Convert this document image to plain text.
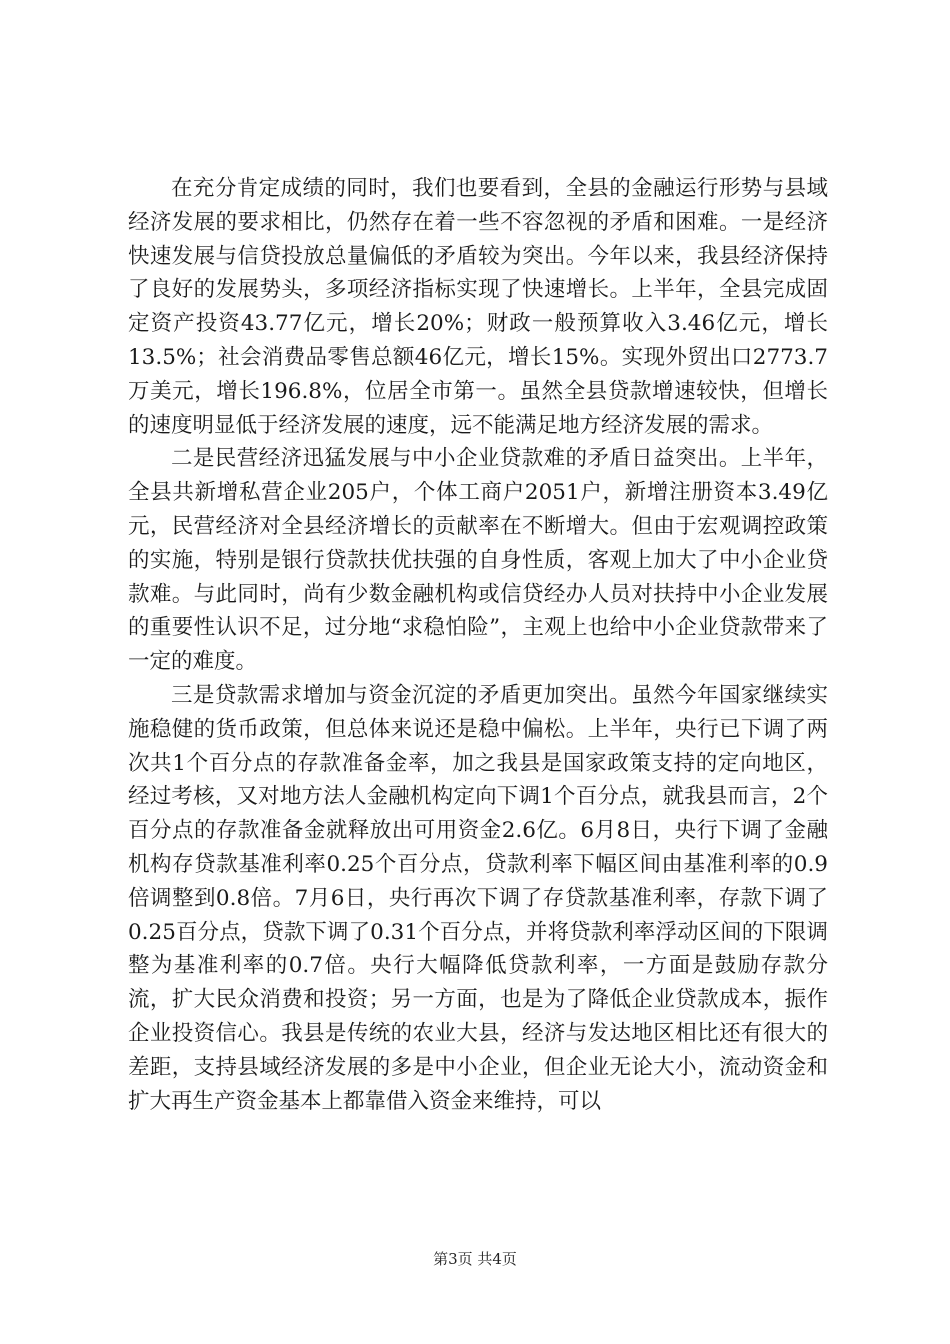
在充分肯定成绩的同时，我们也要看到，全县的金融运行形势与县域经济发展的要求相比，仍然存在着一些不容忽视的矛盾和困难。一是经济快速发展与信贷投放总量偏低的矛盾较为突出。今年以来，我县经济保持了良好的发展势头，多项经济指标实现了快速增长。上半年，全县完成固定资产投资43.77亿元，增长20%；财政一般预算收入3.46亿元，增长13.5%；社会消费品零售总额46亿元，增长15%。实现外贸出口2773.7万美元，增长196.8%，位居全市第一。虽然全县贷款增速较快，但增长的速度明显低于经济发展的速度，远不能满足地方经济发展的需求。

二是民营经济迅猛发展与中小企业贷款难的矛盾日益突出。上半年，全县共新增私营企业205户，个体工商户2051户，新增注册资本3.49亿元，民营经济对全县经济增长的贡献率在不断增大。但由于宏观调控政策的实施，特别是银行贷款扶优扶强的自身性质，客观上加大了中小企业贷款难。与此同时，尚有少数金融机构或信贷经办人员对扶持中小企业发展的重要性认识不足，过分地“求稳怕险”，主观上也给中小企业贷款带来了一定的难度。

三是贷款需求增加与资金沉淀的矛盾更加突出。虽然今年国家继续实施稳健的货币政策，但总体来说还是稳中偏松。上半年，央行已下调了两次共1个百分点的存款准备金率，加之我县是国家政策支持的定向地区，经过考核，又对地方法人金融机构定向下调1个百分点，就我县而言，2个百分点的存款准备金就释放出可用资金2.6亿。6月8日，央行下调了金融机构存贷款基准利率0.25个百分点，贷款利率下幅区间由基准利率的0.9倍调整到0.8倍。7月6日，央行再次下调了存贷款基准利率，存款下调了0.25百分点，贷款下调了0.31个百分点，并将贷款利率浮动区间的下限调整为基准利率的0.7倍。央行大幅降低贷款利率，一方面是鼓励存款分流，扩大民众消费和投资；另一方面，也是为了降低企业贷款成本，振作企业投资信心。我县是传统的农业大县，经济与发达地区相比还有很大的差距，支持县域经济发展的多是中小企业，但企业无论大小，流动资金和扩大再生产资金基本上都靠借入资金来维持，可以

第3页 共4页
